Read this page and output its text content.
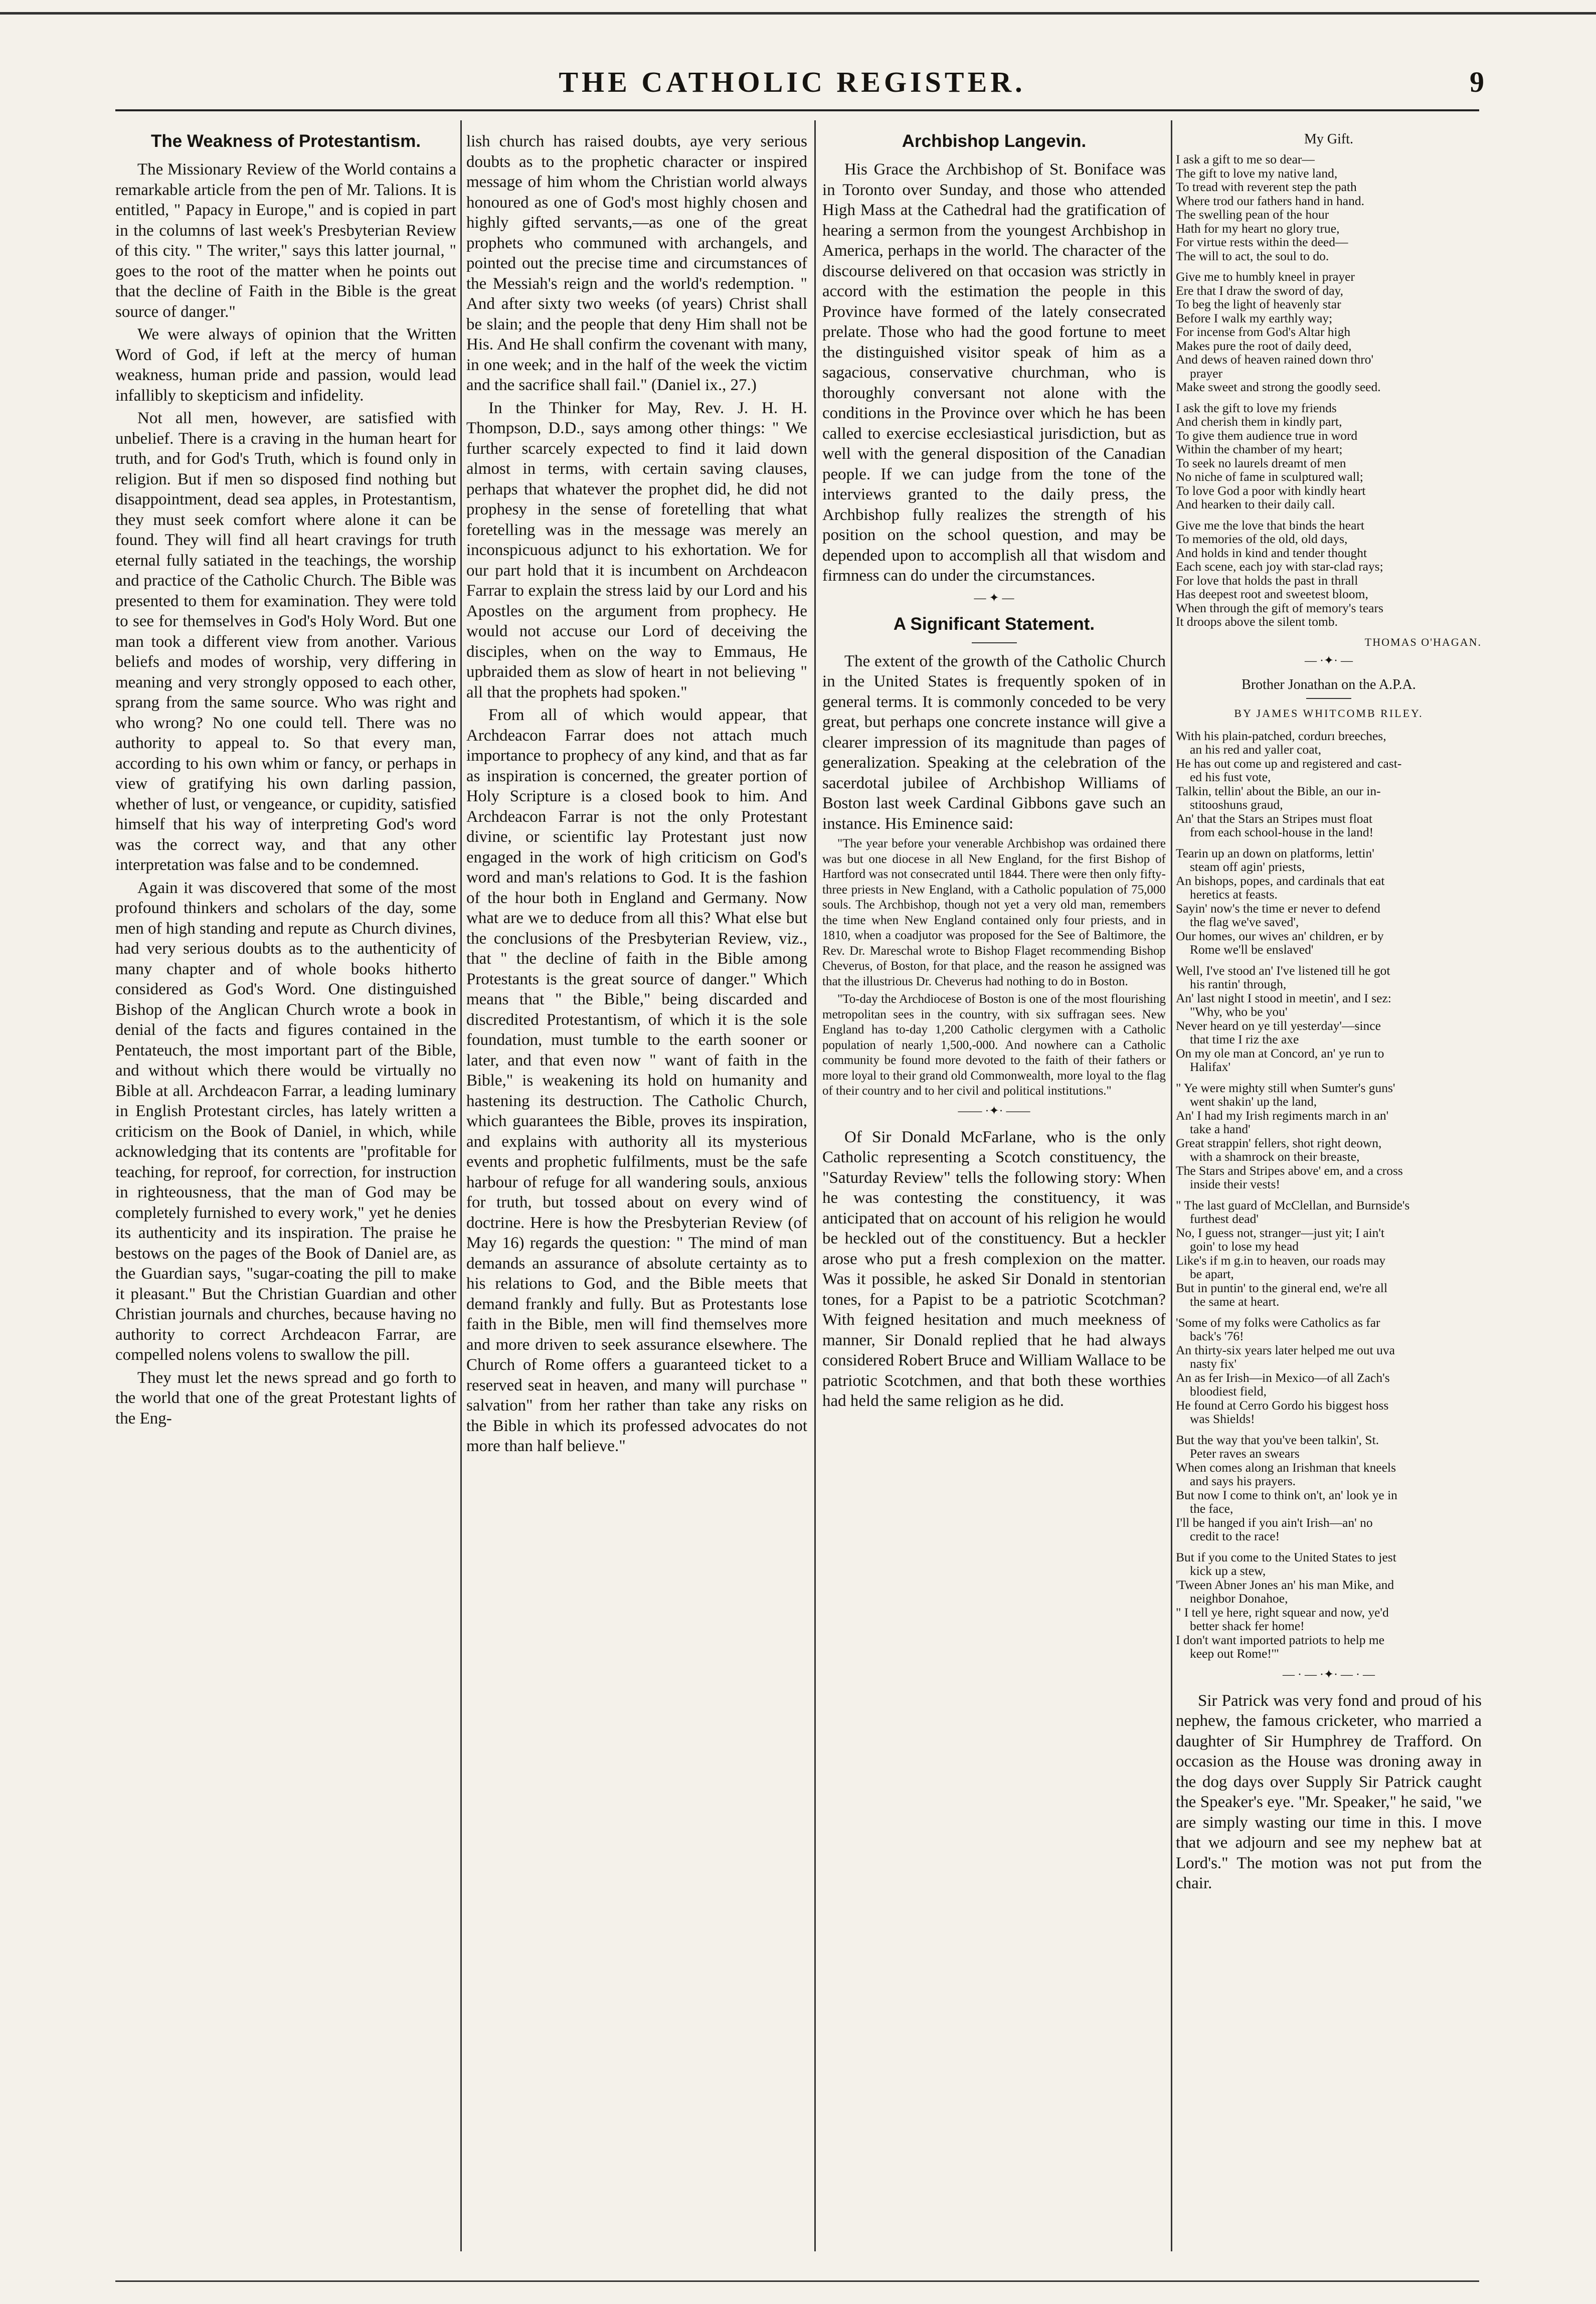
THE CATHOLIC REGISTER.	9
The Weakness of Protestantism.

The Missionary Review of the World contains a remarkable article from the pen of Mr. Talions. It is entitled, " Papacy in Europe," and is copied in part in the columns of last week's Presbyterian Review of this city. " The writer," says this latter journal, " goes to the root of the matter when he points out that the decline of Faith in the Bible is the great source of danger."

We were always of opinion that the Written Word of God, if left at the mercy of human weakness, human pride and passion, would lead infallibly to skepticism and infidelity.

Not all men, however, are satisfied with unbelief. There is a craving in the human heart for truth, and for God's Truth, which is found only in religion. But if men so disposed find nothing but disappointment, dead sea apples, in Protestantism, they must seek comfort where alone it can be found. They will find all heart cravings for truth eternal fully satiated in the teachings, the worship and practice of the Catholic Church. The Bible was presented to them for examination. They were told to see for themselves in God's Holy Word. But one man took a different view from another. Various beliefs and modes of worship, very differing in meaning and very strongly opposed to each other, sprang from the same source. Who was right and who wrong? No one could tell. There was no authority to appeal to. So that every man, according to his own whim or fancy, or perhaps in view of gratifying his own darling passion, whether of lust, or vengeance, or cupidity, satisfied himself that his way of interpreting God's word was the correct way, and that any other interpretation was false and to be condemned.

Again it was discovered that some of the most profound thinkers and scholars of the day, some men of high standing and repute as Church divines, had very serious doubts as to the authenticity of many chapter and of whole books hitherto considered as God's Word. One distinguished Bishop of the Anglican Church wrote a book in denial of the facts and figures contained in the Pentateuch, the most important part of the Bible, and without which there would be virtually no Bible at all. Archdeacon Farrar, a leading luminary in English Protestant circles, has lately written a criticism on the Book of Daniel, in which, while acknowledging that its contents are "profitable for teaching, for reproof, for correction, for instruction in righteousness, that the man of God may be completely furnished to every work," yet he denies its authenticity and its inspiration. The praise he bestows on the pages of the Book of Daniel are, as the Guardian says, "sugar-coating the pill to make it pleasant." But the Christian Guardian and other Christian journals and churches, because having no authority to correct Archdeacon Farrar, are compelled nolens volens to swallow the pill.

They must let the news spread and go forth to the world that one of the great Protestant lights of the Eng-

lish church has raised doubts, aye very serious doubts as to the prophetic character or inspired message of him whom the Christian world always honoured as one of God's most highly chosen and highly gifted servants,—as one of the great prophets who communed with archangels, and pointed out the precise time and circumstances of the Messiah's reign and the world's redemption. " And after sixty two weeks (of years) Christ shall be slain; and the people that deny Him shall not be His. And He shall confirm the covenant with many, in one week; and in the half of the week the victim and the sacrifice shall fail." (Daniel ix., 27.)

In the Thinker for May, Rev. J. H. H. Thompson, D.D., says among other things: " We further scarcely expected to find it laid down almost in terms, with certain saving clauses, perhaps that whatever the prophet did, he did not prophesy in the sense of foretelling that what foretelling was in the message was merely an inconspicuous adjunct to his exhortation. We for our part hold that it is incumbent on Archdeacon Farrar to explain the stress laid by our Lord and his Apostles on the argument from prophecy. He would not accuse our Lord of deceiving the disciples, when on the way to Emmaus, He upbraided them as slow of heart in not believing " all that the prophets had spoken."

From all of which would appear, that Archdeacon Farrar does not attach much importance to prophecy of any kind, and that as far as inspiration is concerned, the greater portion of Holy Scripture is a closed book to him. And Archdeacon Farrar is not the only Protestant divine, or scientific lay Protestant just now engaged in the work of high criticism on God's word and man's relations to God. It is the fashion of the hour both in England and Germany. Now what are we to deduce from all this? What else but the conclusions of the Presbyterian Review, viz., that " the decline of faith in the Bible among Protestants is the great source of danger." Which means that " the Bible," being discarded and discredited Protestantism, of which it is the sole foundation, must tumble to the earth sooner or later, and that even now " want of faith in the Bible," is weakening its hold on humanity and hastening its destruction. The Catholic Church, which guarantees the Bible, proves its inspiration, and explains with authority all its mysterious events and prophetic fulfilments, must be the safe harbour of refuge for all wandering souls, anxious for truth, but tossed about on every wind of doctrine. Here is how the Presbyterian Review (of May 16) regards the question: " The mind of man demands an assurance of absolute certainty as to his relations to God, and the Bible meets that demand frankly and fully. But as Protestants lose faith in the Bible, men will find themselves more and more driven to seek assurance elsewhere. The Church of Rome offers a guaranteed ticket to a reserved seat in heaven, and many will purchase " salvation" from her rather than take any risks on the Bible in which its professed advocates do not more than half believe."

Archbishop Langevin.

His Grace the Archbishop of St. Boniface was in Toronto over Sunday, and those who attended High Mass at the Cathedral had the gratification of hearing a sermon from the youngest Archbishop in America, perhaps in the world. The character of the discourse delivered on that occasion was strictly in accord with the estimation the people in this Province have formed of the lately consecrated prelate. Those who had the good fortune to meet the distinguished visitor speak of him as a sagacious, conservative churchman, who is thoroughly conversant not alone with the conditions in the Province over which he has been called to exercise ecclesiastical jurisdiction, but as well with the general disposition of the Canadian people. If we can judge from the tone of the interviews granted to the daily press, the Archbishop fully realizes the strength of his position on the school question, and may be depended upon to accomplish all that wisdom and firmness can do under the circumstances.

— ✦ —
A Significant Statement.

The extent of the growth of the Catholic Church in the United States is frequently spoken of in general terms. It is commonly conceded to be very great, but perhaps one concrete instance will give a clearer impression of its magnitude than pages of generalization. Speaking at the celebration of the sacerdotal jubilee of Archbishop Williams of Boston last week Cardinal Gibbons gave such an instance. His Eminence said:

"The year before your venerable Archbishop was ordained there was but one diocese in all New England, for the first Bishop of Hartford was not consecrated until 1844. There were then only fifty-three priests in New England, with a Catholic population of 75,000 souls. The Archbishop, though not yet a very old man, remembers the time when New England contained only four priests, and in 1810, when a coadjutor was proposed for the See of Baltimore, the Rev. Dr. Mareschal wrote to Bishop Flaget recommending Bishop Cheverus, of Boston, for that place, and the reason he assigned was that the illustrious Dr. Cheverus had nothing to do in Boston.

"To-day the Archdiocese of Boston is one of the most flourishing metropolitan sees in the country, with six suffragan sees. New England has to-day 1,200 Catholic clergymen with a Catholic population of nearly 1,500,-000. And nowhere can a Catholic community be found more devoted to the faith of their fathers or more loyal to their grand old Commonwealth, more loyal to the flag of their country and to her civil and political institutions."

—— ·✦· ——

Of Sir Donald McFarlane, who is the only Catholic representing a Scotch constituency, the "Saturday Review" tells the following story: When he was contesting the constituency, it was anticipated that on account of his religion he would be heckled out of the constituency. But a heckler arose who put a fresh complexion on the matter. Was it possible, he asked Sir Donald in stentorian tones, for a Papist to be a patriotic Scotchman? With feigned hesitation and much meekness of manner, Sir Donald replied that he had always considered Robert Bruce and William Wallace to be patriotic Scotchmen, and that both these worthies had held the same religion as he did.

My Gift.
I ask a gift to me so dear—
The gift to love my native land,
To tread with reverent step the path
Where trod our fathers hand in hand.
The swelling pean of the hour
Hath for my heart no glory true,
For virtue rests within the deed—
The will to act, the soul to do.
Give me to humbly kneel in prayer
Ere that I draw the sword of day,
To beg the light of heavenly star
Before I walk my earthly way;
For incense from God's Altar high
Makes pure the root of daily deed,
And dews of heaven rained down thro'
prayer
Make sweet and strong the goodly seed.
I ask the gift to love my friends
And cherish them in kindly part,
To give them audience true in word
Within the chamber of my heart;
To seek no laurels dreamt of men
No niche of fame in sculptured wall;
To love God a poor with kindly heart
And hearken to their daily call.
Give me the love that binds the heart
To memories of the old, old days,
And holds in kind and tender thought
Each scene, each joy with star-clad rays;
For love that holds the past in thrall
Has deepest root and sweetest bloom,
When through the gift of memory's tears
It droops above the silent tomb.
THOMAS O'HAGAN.
— ·✦· —
Brother Jonathan on the A.P.A.
BY JAMES WHITCOMB RILEY.
With his plain-patched, cordurı breeches,
an his red and yaller coat,
He has out come up and registered and cast-
ed his fust vote,
Talkin, tellin' about the Bible, an our in-
stitooshuns graud,
An' that the Stars an Stripes must float
from each school-house in the land!
Tearin up an down on platforms, lettin'
steam off agin' priests,
An bishops, popes, and cardinals that eat
heretics at feasts.
Sayin' now's the time er never to defend
the flag we've saved',
Our homes, our wives an' children, er by
Rome we'll be enslaved'
Well, I've stood an' I've listened till he got
his rantin' through,
An' last night I stood in meetin', and I sez:
"Why, who be you'
Never heard on ye till yesterday'—since
that time I riz the axe
On my ole man at Concord, an' ye run to
Halifax'
" Ye were mighty still when Sumter's guns'
went shakin' up the land,
An' I had my Irish regiments march in an'
take a hand'
Great strappin' fellers, shot right deown,
with a shamrock on their breaste,
The Stars and Stripes above' em, and a cross
inside their vests!
" The last guard of McClellan, and Burnside's
furthest dead'
No, I guess not, stranger—just yit; I ain't
goin' to lose my head
Like's if m g.in to heaven, our roads may
be apart,
But in puntin' to the gineral end, we're all
the same at heart.
'Some of my folks were Catholics as far
back's '76!
An thirty-six years later helped me out uva
nasty fix'
An as fer Irish—in Mexico—of all Zach's
bloodiest field,
He found at Cerro Gordo his biggest hoss
was Shields!
But the way that you've been talkin', St.
Peter raves an swears
When comes along an Irishman that kneels
and says his prayers.
But now I come to think on't, an' look ye in
the face,
I'll be hanged if you ain't Irish—an' no
credit to the race!
But if you come to the United States to jest
kick up a stew,
'Tween Abner Jones an' his man Mike, and
neighbor Donahoe,
" I tell ye here, right squear and now, ye'd
better shack fer home!
I don't want imported patriots to help me
keep out Rome!'"
— · — ·✦· — · —

Sir Patrick was very fond and proud of his nephew, the famous cricketer, who married a daughter of Sir Humphrey de Trafford. On occasion as the House was droning away in the dog days over Supply Sir Patrick caught the Speaker's eye. "Mr. Speaker," he said, "we are simply wasting our time in this. I move that we adjourn and see my nephew bat at Lord's." The motion was not put from the chair.
